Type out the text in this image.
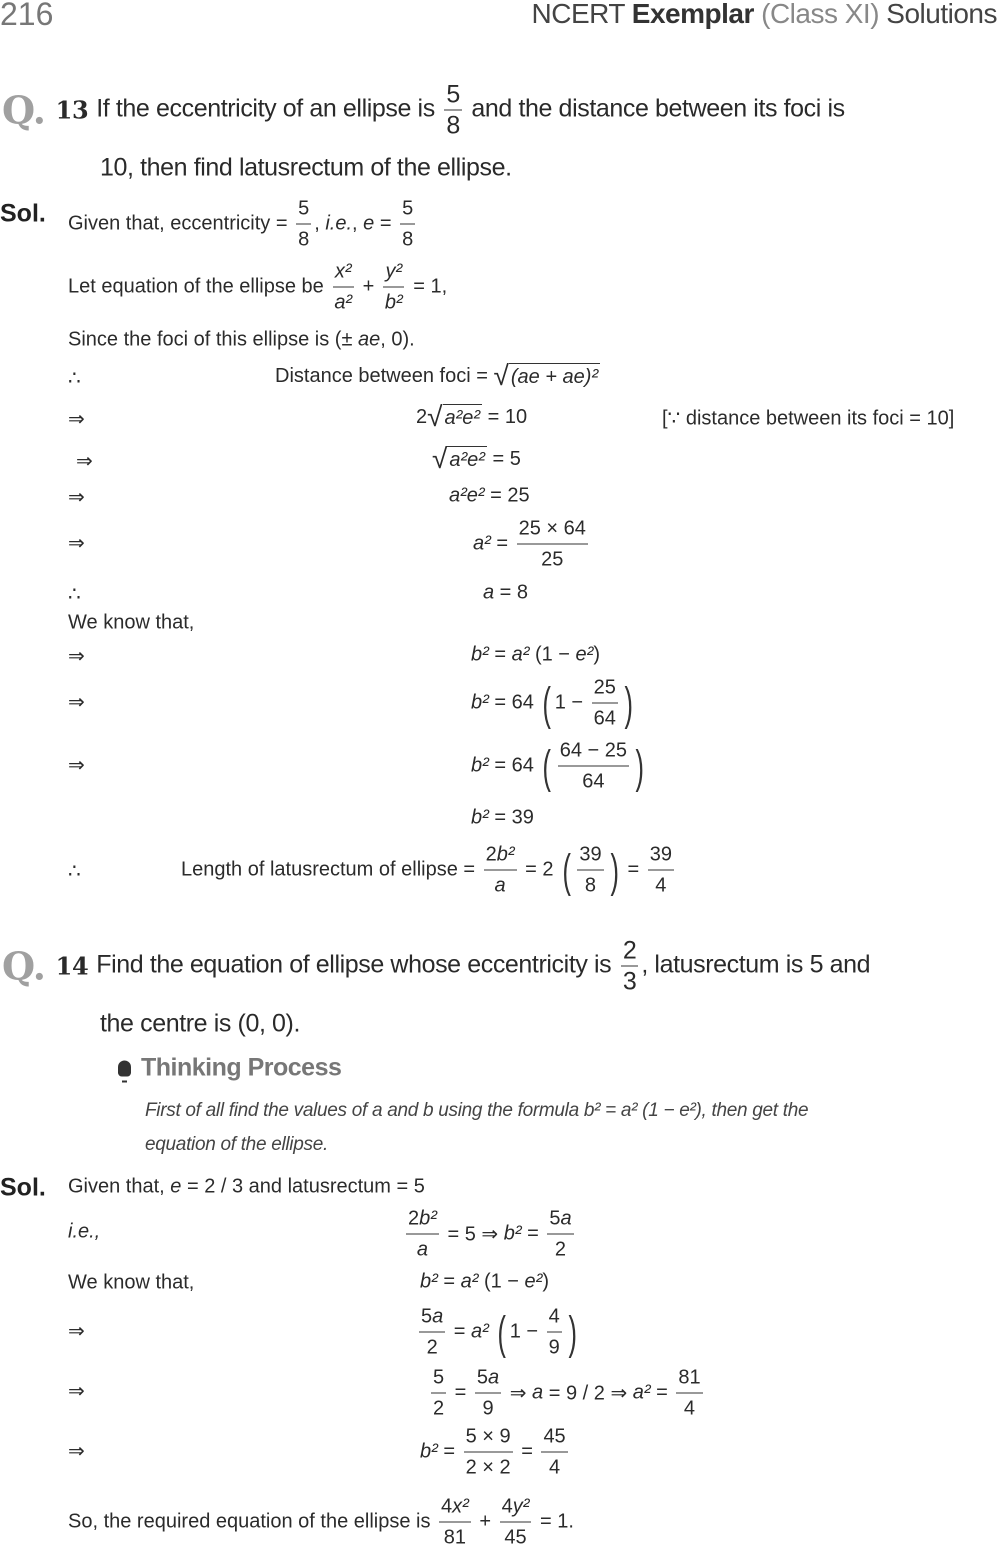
216	NCERT Exemplar (Class XI) Solutions
Q. 13 If the eccentricity of an ellipse is $\frac{5}{8}$ and the distance between its foci is
10, then find latusrectum of the ellipse.
Sol. Given that, eccentricity = $\frac{5}{8}$ , i.e. , $e = \frac{5}{8}$
Let equation of the ellipse be $\frac{\text{x²}}{\text{a²}} + \frac{\text{y²}}{\text{b²}} = 1$,
Since the foci of this ellipse is (± ae , 0).
∴	Distance between foci = √ (ae + ae)²
⇒	2 √ a²e² = 10	[∵ distance between its foci = 10]
⇒	√ a²e² = 5
⇒	a²e² = 25
⇒	$a^2 = \frac{25 \times 64}{25}$
∴	a = 8
We know that,
⇒	b² = a² (1 − e² )
⇒	b² = 64 ( $1 - \frac{25}{64}$ )
⇒	b² = 64 ( $\frac{64 - 25}{64}$ )
b² = 39
∴	Length of latusrectum of ellipse = $\frac{\text{2 b²}}{a} = 2$ ( $\frac{39}{8}$ ) = $\frac{39}{4}$
Q. 14 Find the equation of ellipse whose eccentricity is $\frac{2}{3}$ , latusrectum is 5 and
the centre is (0, 0).
Thinking Process
First of all find the values of a and b using the formula b² = a² (1 − e²), then get the
equation of the ellipse.
Sol. Given that, e = 2 / 3 and latusrectum = 5
i.e.,	$\frac{\text{2 b²}}{a} = 5$ ⇒ $b^2 = \frac{5 a}{2}$
We know that,	b² = a² (1 − e² )
⇒	$\frac{5 a}{2} = a^2$
( $1 - \frac{4}{9}$ )
⇒	$\frac{5}{2} = \frac{5 a}{9}$ ⇒ a = 9 / 2 ⇒ $a^2 = \frac{81}{4}$
⇒	$b^2 = \frac{5 \times 9}{2 \times 2} = \frac{45}{4}$
So, the required equation of the ellipse is $\frac{\text{4 x²}}{81} + \frac{\text{4 y²}}{45} = 1$.
